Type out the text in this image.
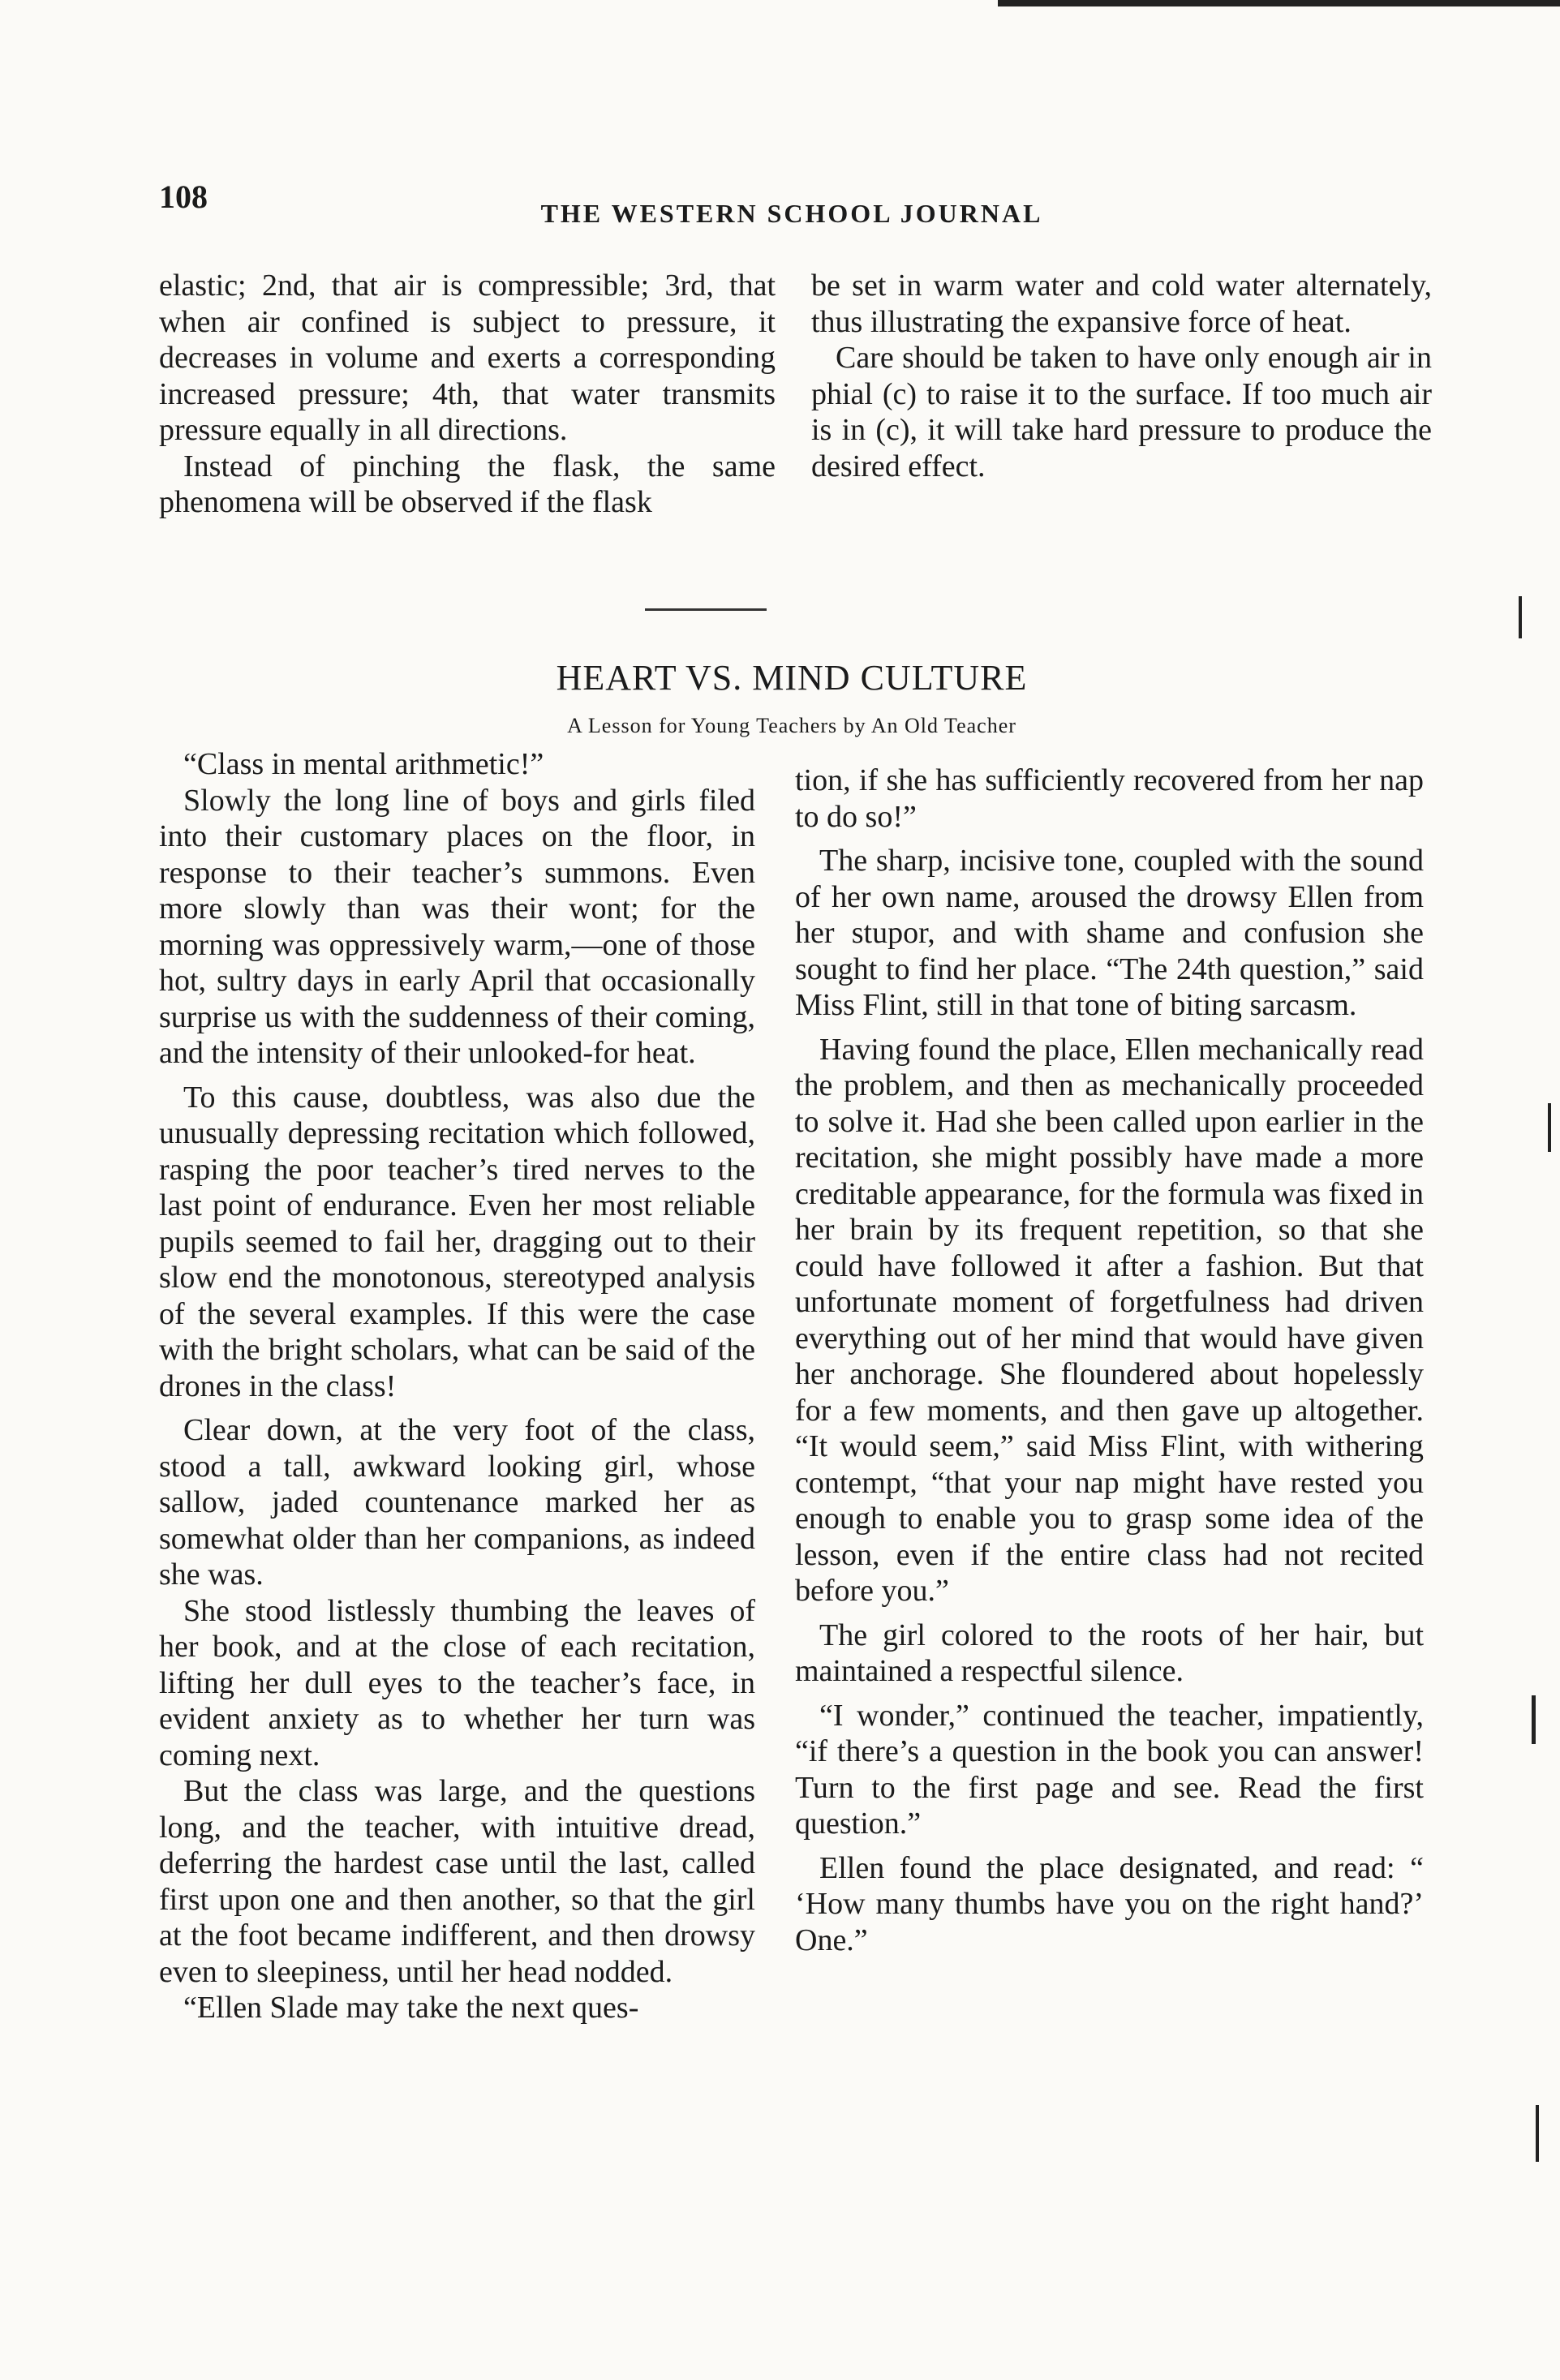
108	THE WESTERN SCHOOL JOURNAL

elastic; 2nd, that air is compressible; 3rd, that when air confined is subject to pressure, it decreases in volume and exerts a corresponding increased pressure; 4th, that water transmits pressure equally in all directions.

Instead of pinching the flask, the same phenomena will be observed if the flask

be set in warm water and cold water alternately, thus illustrating the expansive force of heat.

Care should be taken to have only enough air in phial (c) to raise it to the surface. If too much air is in (c), it will take hard pressure to produce the desired effect.

HEART VS. MIND CULTURE
A Lesson for Young Teachers by An Old Teacher

“Class in mental arithmetic!”

Slowly the long line of boys and girls filed into their customary places on the floor, in response to their teacher’s summons. Even more slowly than was their wont; for the morning was oppressively warm,—one of those hot, sultry days in early April that occasionally surprise us with the suddenness of their coming, and the intensity of their unlooked-for heat.

To this cause, doubtless, was also due the unusually depressing recitation which followed, rasping the poor teacher’s tired nerves to the last point of endurance. Even her most reliable pupils seemed to fail her, dragging out to their slow end the monotonous, stereotyped analysis of the several examples. If this were the case with the bright scholars, what can be said of the drones in the class!

Clear down, at the very foot of the class, stood a tall, awkward looking girl, whose sallow, jaded countenance marked her as somewhat older than her companions, as indeed she was.

She stood listlessly thumbing the leaves of her book, and at the close of each recitation, lifting her dull eyes to the teacher’s face, in evident anxiety as to whether her turn was coming next.

But the class was large, and the questions long, and the teacher, with intuitive dread, deferring the hardest case until the last, called first upon one and then another, so that the girl at the foot became indifferent, and then drowsy even to sleepiness, until her head nodded.

“Ellen Slade may take the next ques-

tion, if she has sufficiently recovered from her nap to do so!”

The sharp, incisive tone, coupled with the sound of her own name, aroused the drowsy Ellen from her stupor, and with shame and confusion she sought to find her place. “The 24th question,” said Miss Flint, still in that tone of biting sarcasm.

Having found the place, Ellen mechanically read the problem, and then as mechanically proceeded to solve it. Had she been called upon earlier in the recitation, she might possibly have made a more creditable appearance, for the formula was fixed in her brain by its frequent repetition, so that she could have followed it after a fashion. But that unfortunate moment of forgetfulness had driven everything out of her mind that would have given her anchorage. She floundered about hopelessly for a few moments, and then gave up altogether. “It would seem,” said Miss Flint, with withering contempt, “that your nap might have rested you enough to enable you to grasp some idea of the lesson, even if the entire class had not recited before you.”

The girl colored to the roots of her hair, but maintained a respectful silence.

“I wonder,” continued the teacher, impatiently, “if there’s a question in the book you can answer! Turn to the first page and see. Read the first question.”

Ellen found the place designated, and read: “ ‘How many thumbs have you on the right hand?’ One.”
